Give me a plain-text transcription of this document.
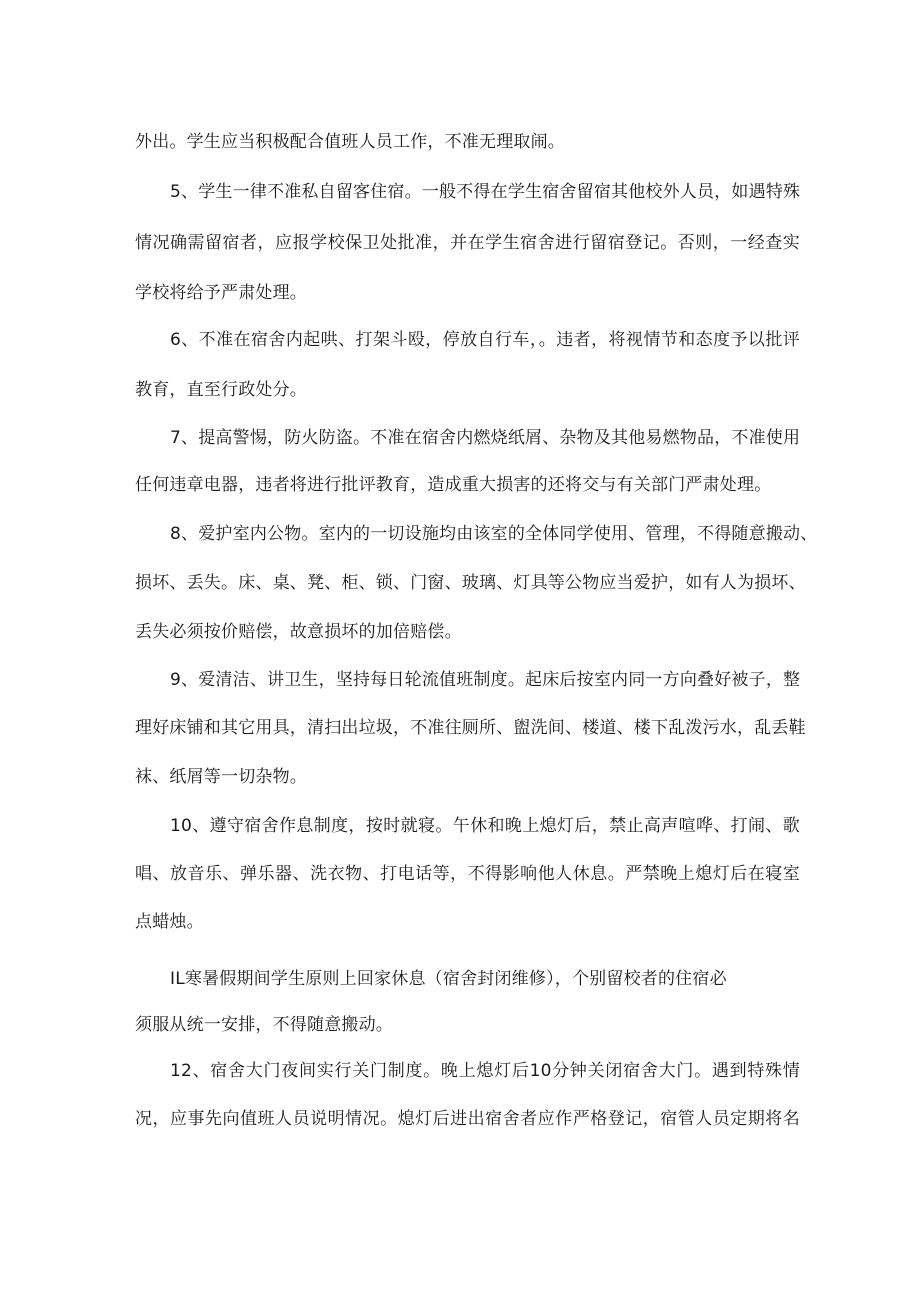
外出。学生应当积极配合值班人员工作，不准无理取闹。
5、学生一律不准私自留客住宿。一般不得在学生宿舍留宿其他校外人员，如遇特殊
情况确需留宿者，应报学校保卫处批准，并在学生宿舍进行留宿登记。否则，一经查实
学校将给予严肃处理。
6、不准在宿舍内起哄、打架斗殴，停放自行车，。违者，将视情节和态度予以批评
教育，直至行政处分。
7、提高警惕，防火防盗。不准在宿舍内燃烧纸屑、杂物及其他易燃物品，不准使用
任何违章电器，违者将进行批评教育，造成重大损害的还将交与有关部门严肃处理。
8、爱护室内公物。室内的一切设施均由该室的全体同学使用、管理，不得随意搬动、
损坏、丢失。床、桌、凳、柜、锁、门窗、玻璃、灯具等公物应当爱护，如有人为损坏、
丢失必须按价赔偿，故意损坏的加倍赔偿。
9、爱清洁、讲卫生，坚持每日轮流值班制度。起床后按室内同一方向叠好被子，整
理好床铺和其它用具，清扫出垃圾，不准往厕所、盥洗间、楼道、楼下乱泼污水，乱丢鞋
袜、纸屑等一切杂物。
10、遵守宿舍作息制度，按时就寝。午休和晚上熄灯后，禁止高声喧哗、打闹、歌
唱、放音乐、弹乐器、洗衣物、打电话等，不得影响他人休息。严禁晚上熄灯后在寝室
点蜡烛。
IL寒暑假期间学生原则上回家休息（宿舍封闭维修），个别留校者的住宿必
须服从统一安排，不得随意搬动。
12、宿舍大门夜间实行关门制度。晚上熄灯后10分钟关闭宿舍大门。遇到特殊情
况，应事先向值班人员说明情况。熄灯后进出宿舍者应作严格登记，宿管人员定期将名
